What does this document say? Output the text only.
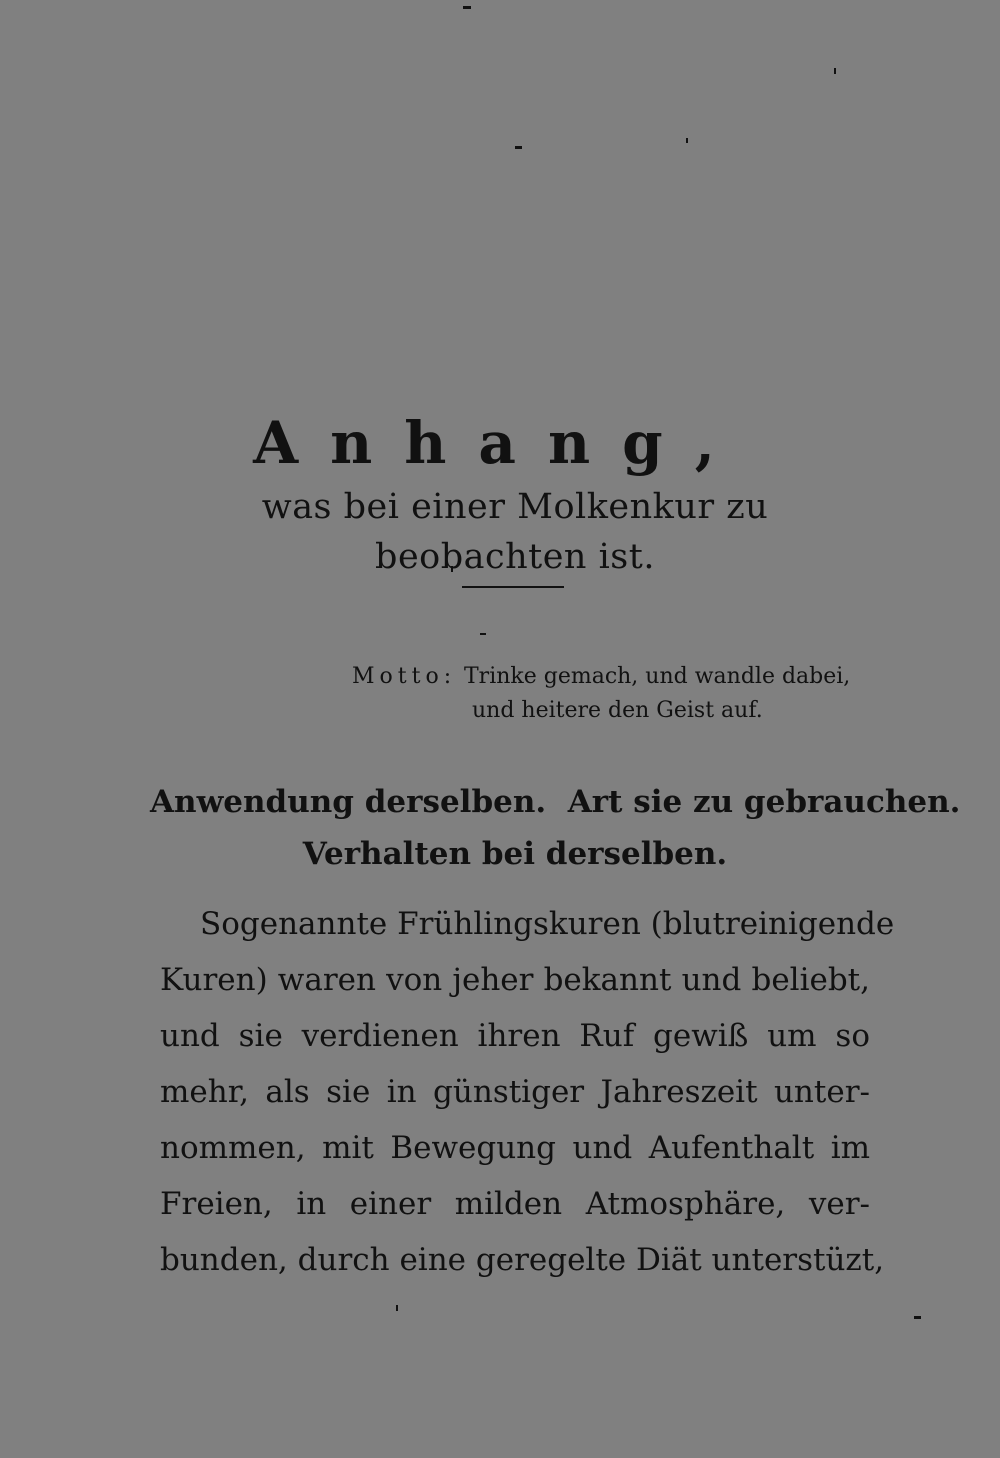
Anhang,
was bei einer Molkenkur zu beobachten ist.
Motto: Trinke gemach, und wandle dabei,
und heitere den Geist auf.
Anwendung derselben.  Art sie zu gebrauchen.
Verhalten bei derselben.
Sogenannte Frühlingskuren (blutreinigende
Kuren) waren von jeher bekannt und beliebt,
und sie verdienen ihren Ruf gewiß um so
mehr, als sie in günstiger Jahreszeit unter-
nommen, mit Bewegung und Aufenthalt im
Freien, in einer milden Atmosphäre, ver-
bunden, durch eine geregelte Diät unterstüzt,
